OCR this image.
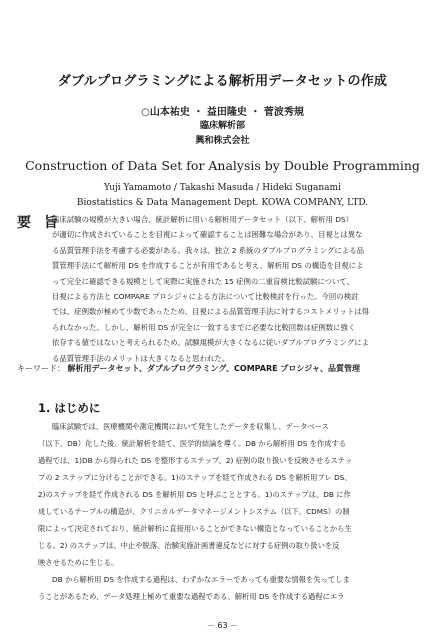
ダブルプログラミングによる解析用データセットの作成
○山本祐史 ・ 益田隆史 ・ 菅波秀規
臨床解析部
興和株式会社
Construction of Data Set for Analysis by Double Programming
Yuji Yamamoto / Takashi Masuda / Hideki Suganami
Biostatistics & Data Management Dept. KOWA COMPANY, LTD.
要 旨
臨床試験の規模が大きい場合、統計解析に用いる解析用データセット（以下、解析用 DS）
が適切に作成されていることを目視によって確認することは困難な場合があり、目視とは異な
る品質管理手法を考慮する必要がある。我々は、独立 2 系統のダブルプログラミングによる品
質管理手法にて解析用 DS を作成することが有用であると考え、解析用 DS の構造を目視によ
って完全に確認できる規模として実際に実施された 15 症例の二重盲検比較試験について、
目視による方法と COMPARE プロシジャによる方法について比較検討を行った。今回の検討
では、症例数が極めて少数であったため、目視による品質管理手法に対するコストメリットは得
られなかった。しかし、解析用 DS が完全に一致するまでに必要な比較回数は症例数に強く
依存する値ではないと考えられるため、試験規模が大きくなるに従いダブルプログラミングによ
る品質管理手法のメリットは大きくなると思われた。
キーワード： 解析用データセット、ダブルプログラミング、COMPARE プロシジャ、品質管理
1. はじめに
臨床試験では、医療機関や測定機関において発生したデータを収集し、データベース
（以下、DB）化した後、統計解析を経て、医学的結論を導く。DB から解析用 DS を作成する
過程では、1)DB から得られた DS を整形するステップ、2) 症例の取り扱いを反映させるステッ
プの 2 ステップに分けることができる。1)のステップを経て作成される DS を解析用プレ DS、
2)のステップを経て作成される DS を解析用 DS と呼ぶこととする。1)のステップは、DB に作
成しているテーブルの構造が、クリニカルデータマネージメントシステム（以下、CDMS）の制
限によって決定されており、統計解析に直接用いることができない構造となっていることから生
じる。2) のステップは、中止や脱落、治験実施計画書違反などに対する症例の取り扱いを反
映させるために生じる。
DB から解析用 DS を作成する過程は、わずかなエラーであっても重要な情報を失ってしま
うことがあるため、データ処理上極めて重要な過程である。解析用 DS を作成する過程にエラ
－ 63 －
